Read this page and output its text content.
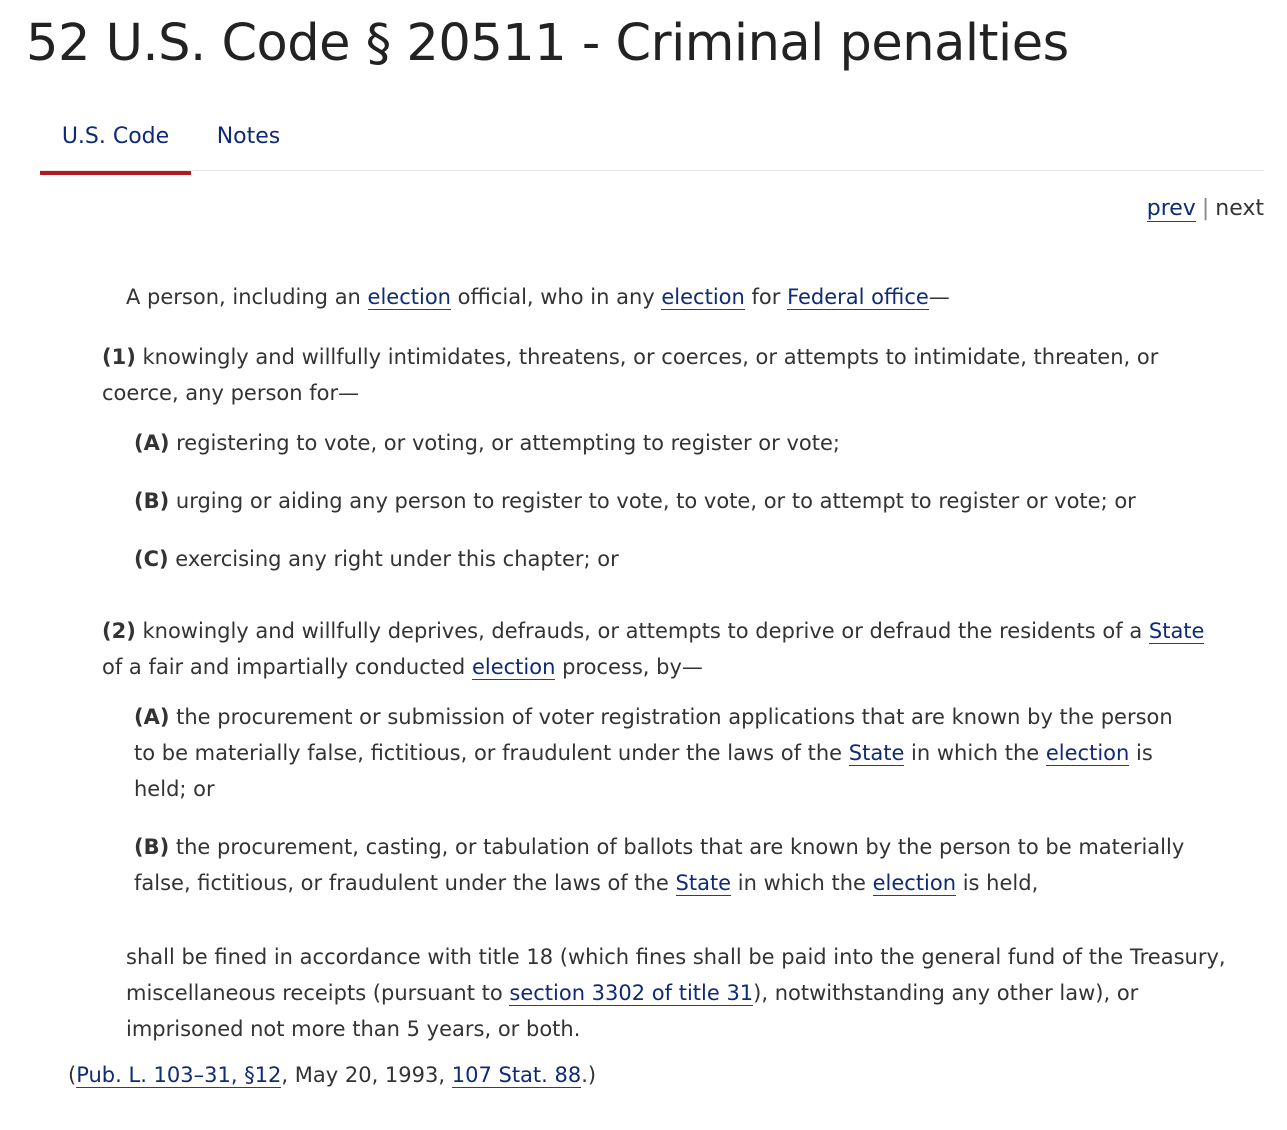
52 U.S. Code § 20511 - Criminal penalties
U.S. Code	Notes
prev | next

A person, including an election official, who in any election for Federal office—

(1) knowingly and willfully intimidates, threatens, or coerces, or attempts to intimidate, threaten, or coerce, any person for—

(A) registering to vote, or voting, or attempting to register or vote;

(B) urging or aiding any person to register to vote, to vote, or to attempt to register or vote; or

(C) exercising any right under this chapter; or

(2) knowingly and willfully deprives, defrauds, or attempts to deprive or defraud the residents of a State of a fair and impartially conducted election process, by—

(A) the procurement or submission of voter registration applications that are known by the person to be materially false, fictitious, or fraudulent under the laws of the State in which the election is held; or

(B) the procurement, casting, or tabulation of ballots that are known by the person to be materially false, fictitious, or fraudulent under the laws of the State in which the election is held,

shall be fined in accordance with title 18 (which fines shall be paid into the general fund of the Treasury, miscellaneous receipts (pursuant to section 3302 of title 31), notwithstanding any other law), or imprisoned not more than 5 years, or both.

(Pub. L. 103–31, §12, May 20, 1993, 107 Stat. 88.)
